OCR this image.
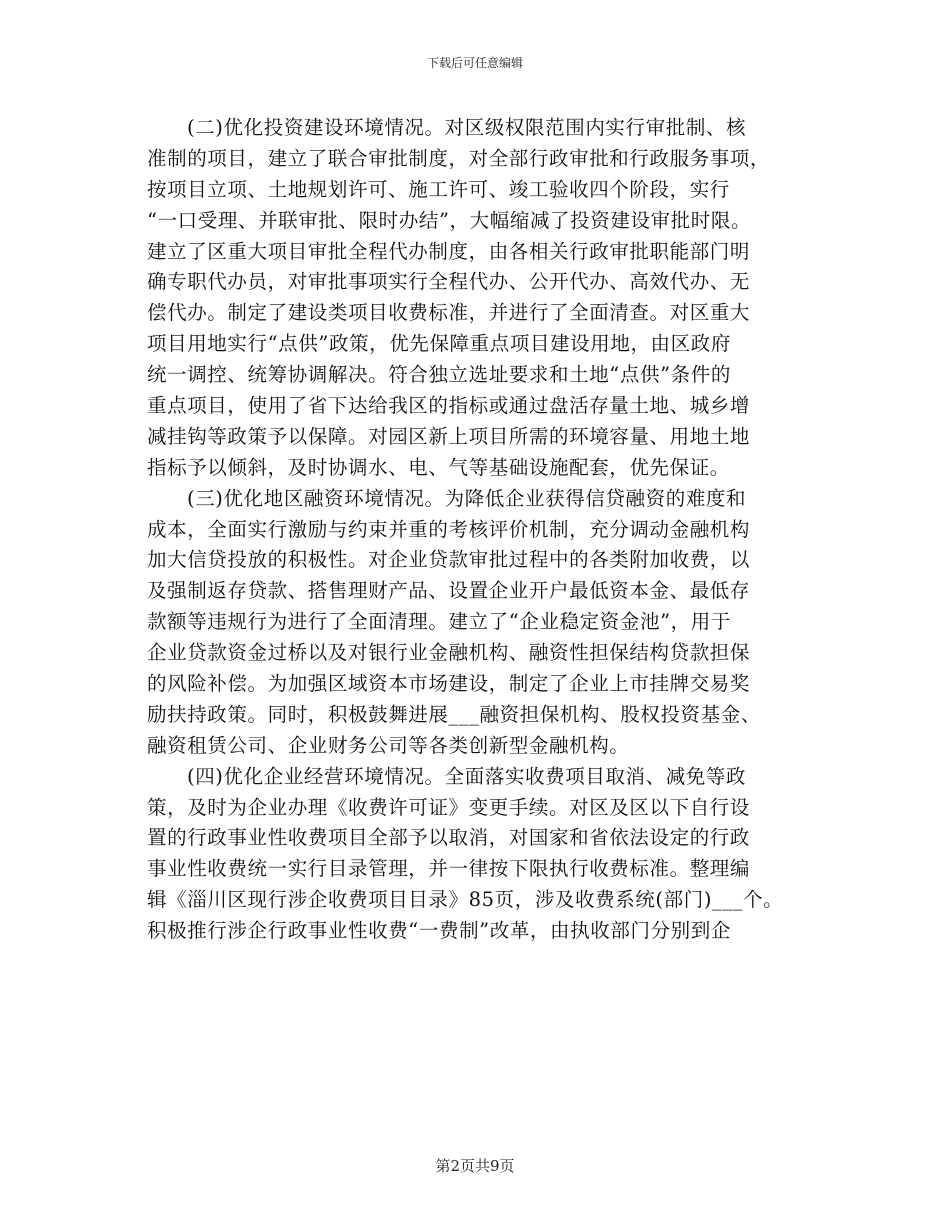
下载后可任意编辑
(二)优化投资建设环境情况。对区级权限范围内实行审批制、核
准制的项目，建立了联合审批制度，对全部行政审批和行政服务事项，
按项目立项、土地规划许可、施工许可、竣工验收四个阶段，实行
“一口受理、并联审批、限时办结”，大幅缩减了投资建设审批时限。
建立了区重大项目审批全程代办制度，由各相关行政审批职能部门明
确专职代办员，对审批事项实行全程代办、公开代办、高效代办、无
偿代办。制定了建设类项目收费标准，并进行了全面清查。对区重大
项目用地实行“点供”政策，优先保障重点项目建设用地，由区政府
统一调控、统筹协调解决。符合独立选址要求和土地“点供”条件的
重点项目，使用了省下达给我区的指标或通过盘活存量土地、城乡增
减挂钩等政策予以保障。对园区新上项目所需的环境容量、用地土地
指标予以倾斜，及时协调水、电、气等基础设施配套，优先保证。
(三)优化地区融资环境情况。为降低企业获得信贷融资的难度和
成本，全面实行激励与约束并重的考核评价机制，充分调动金融机构
加大信贷投放的积极性。对企业贷款审批过程中的各类附加收费，以
及强制返存贷款、搭售理财产品、设置企业开户最低资本金、最低存
款额等违规行为进行了全面清理。建立了“企业稳定资金池”，用于
企业贷款资金过桥以及对银行业金融机构、融资性担保结构贷款担保
的风险补偿。为加强区域资本市场建设，制定了企业上市挂牌交易奖
励扶持政策。同时，积极鼓舞进展___融资担保机构、股权投资基金、
融资租赁公司、企业财务公司等各类创新型金融机构。
(四)优化企业经营环境情况。全面落实收费项目取消、减免等政
策，及时为企业办理《收费许可证》变更手续。对区及区以下自行设
置的行政事业性收费项目全部予以取消，对国家和省依法设定的行政
事业性收费统一实行目录管理，并一律按下限执行收费标准。整理编
辑《淄川区现行涉企收费项目目录》85页，涉及收费系统(部门)___个。
积极推行涉企行政事业性收费“一费制”改革，由执收部门分别到企
第2页共9页
